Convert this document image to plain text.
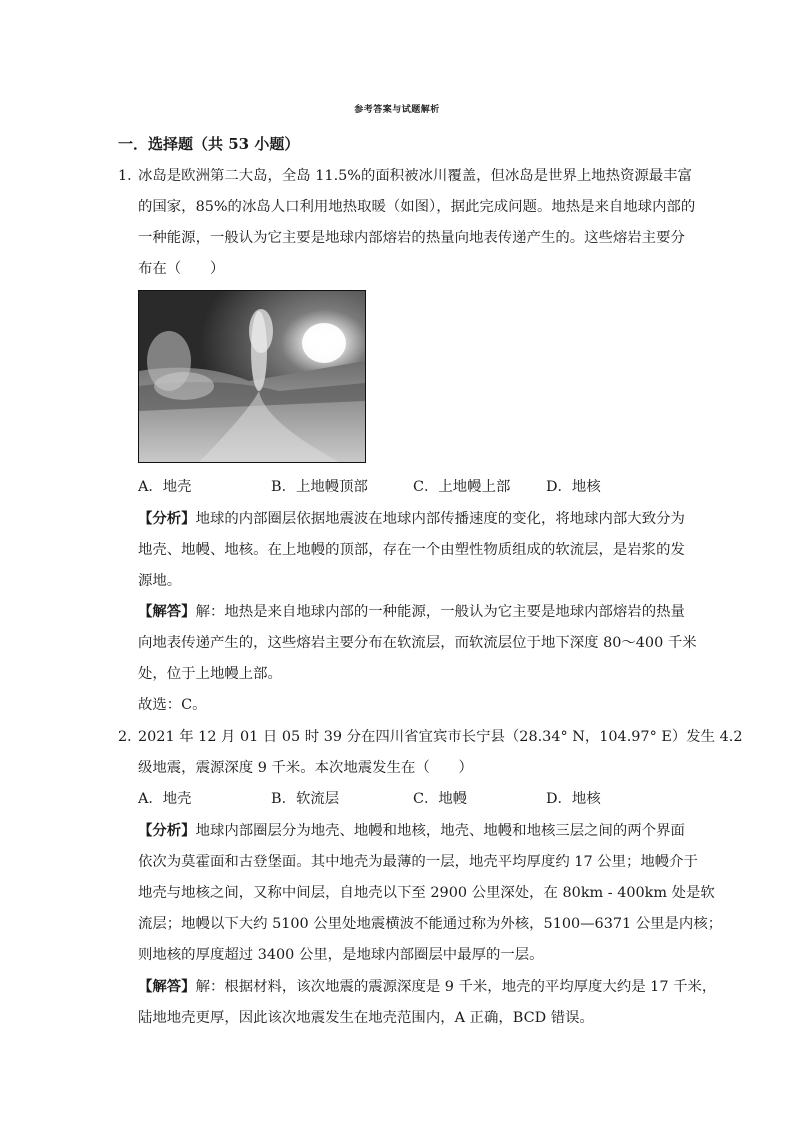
参考答案与试题解析
一．选择题（共 53 小题）
1．
冰岛是欧洲第二大岛，全岛 11.5%的面积被冰川覆盖，但冰岛是世界上地热资源最丰富
的国家，85%的冰岛人口利用地热取暖（如图），据此完成问题。地热是来自地球内部的
一种能源，一般认为它主要是地球内部熔岩的热量向地表传递产生的。这些熔岩主要分
布在（　　）
A．地壳	B．上地幔顶部	C．上地幔上部 D．地核
【分析】地球的内部圈层依据地震波在地球内部传播速度的变化，将地球内部大致分为
地壳、地幔、地核。在上地幔的顶部，存在一个由塑性物质组成的软流层，是岩浆的发
源地。
【解答】解：地热是来自地球内部的一种能源，一般认为它主要是地球内部熔岩的热量
向地表传递产生的，这些熔岩主要分布在软流层，而软流层位于地下深度 80～400 千米
处，位于上地幔上部。
故选：C。
2．
2021 年 12 月 01 日 05 时 39 分在四川省宜宾市长宁县（28.34° N，104.97° E）发生 4.2
级地震，震源深度 9 千米。本次地震发生在（　　）
A．地壳	B．软流层	C．地幔	D．地核
【分析】地球内部圈层分为地壳、地幔和地核，地壳、地幔和地核三层之间的两个界面
依次为莫霍面和古登堡面。其中地壳为最薄的一层，地壳平均厚度约 17 公里；地幔介于
地壳与地核之间，又称中间层，自地壳以下至 2900 公里深处，在 80km - 400km 处是软
流层；地幔以下大约 5100 公里处地震横波不能通过称为外核，5100—6371 公里是内核；
则地核的厚度超过 3400 公里，是地球内部圈层中最厚的一层。
【解答】解：根据材料，该次地震的震源深度是 9 千米，地壳的平均厚度大约是 17 千米，
陆地地壳更厚，因此该次地震发生在地壳范围内，A 正确，BCD 错误。
